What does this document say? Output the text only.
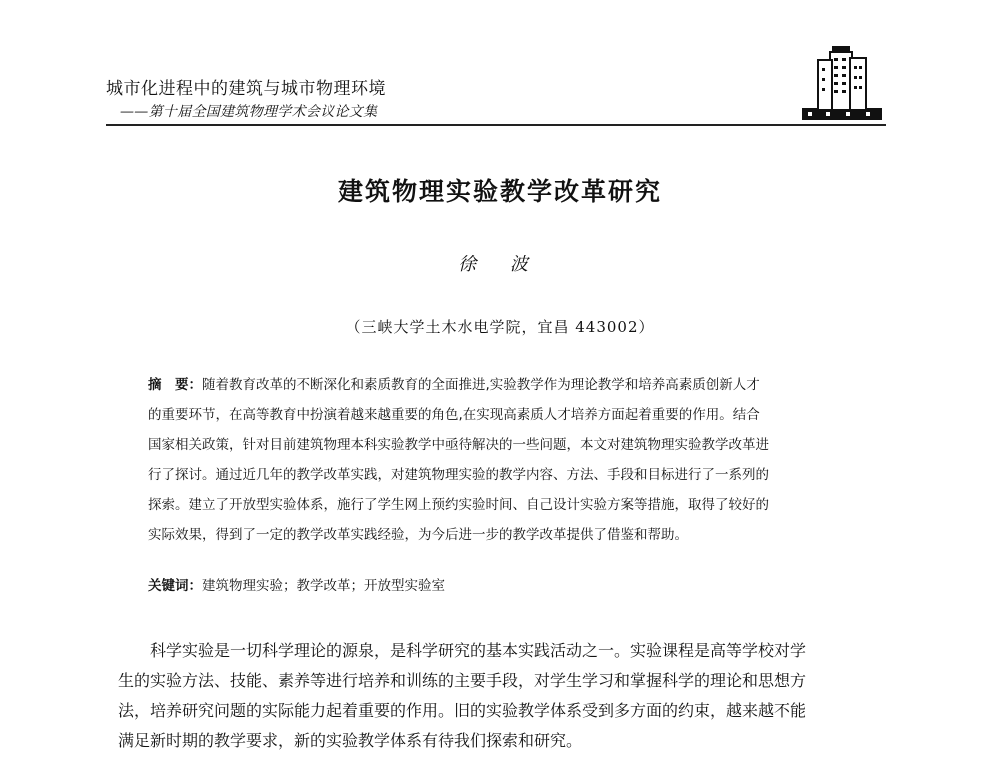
城市化进程中的建筑与城市物理环境
——第十届全国建筑物理学术会议论文集
建筑物理实验教学改革研究
徐 波
（三峡大学土木水电学院，宜昌 443002）
摘　要：随着教育改革的不断深化和素质教育的全面推进,实验教学作为理论教学和培养高素质创新人才
的重要环节，在高等教育中扮演着越来越重要的角色,在实现高素质人才培养方面起着重要的作用。结合
国家相关政策，针对目前建筑物理本科实验教学中亟待解决的一些问题，本文对建筑物理实验教学改革进
行了探讨。通过近几年的教学改革实践，对建筑物理实验的教学内容、方法、手段和目标进行了一系列的
探索。建立了开放型实验体系，施行了学生网上预约实验时间、自己设计实验方案等措施，取得了较好的
实际效果，得到了一定的教学改革实践经验，为今后进一步的教学改革提供了借鉴和帮助。
关键词：建筑物理实验；教学改革；开放型实验室
　　科学实验是一切科学理论的源泉，是科学研究的基本实践活动之一。实验课程是高等学校对学
生的实验方法、技能、素养等进行培养和训练的主要手段，对学生学习和掌握科学的理论和思想方
法，培养研究问题的实际能力起着重要的作用。旧的实验教学体系受到多方面的约束，越来越不能
满足新时期的教学要求，新的实验教学体系有待我们探索和研究。
